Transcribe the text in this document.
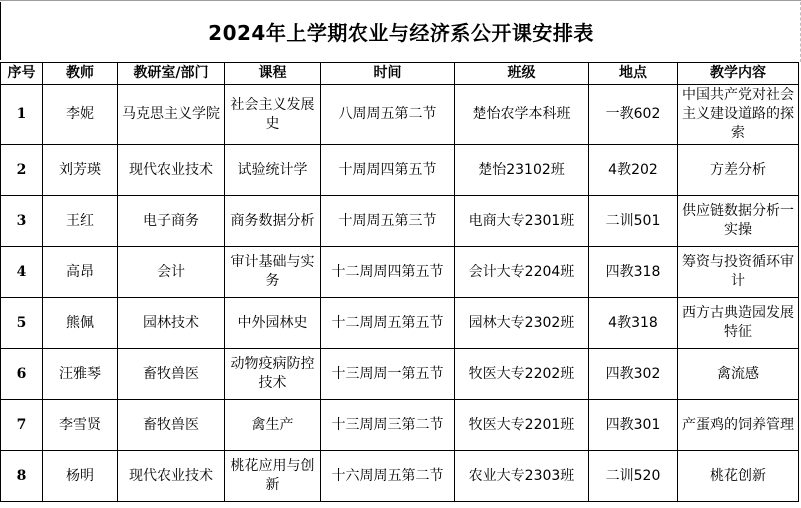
2024年上学期农业与经济系公开课安排表
序号	教师	教研室/部门	课程	时间	班级	地点	教学内容
1	李妮	马克思主义学院	社会主义发展史	八周周五第二节	楚怡农学本科班	一教602	中国共产党对社会主义建设道路的探索
2	刘芳瑛	现代农业技术	试验统计学	十周周四第五节	楚怡23102班	4教202	方差分析
3	王红	电子商务	商务数据分析	十周周五第三节	电商大专2301班	二训501	供应链数据分析一实操
4	高昂	会计	审计基础与实务	十二周周四第五节	会计大专2204班	四教318	筹资与投资循环审计
5	熊佩	园林技术	中外园林史	十二周周五第五节	园林大专2302班	4教318	西方古典造园发展特征
6	汪雅琴	畜牧兽医	动物疫病防控技术	十三周周一第五节	牧医大专2202班	四教302	禽流感
7	李雪贤	畜牧兽医	禽生产	十三周周三第二节	牧医大专2201班	四教301	产蛋鸡的饲养管理
8	杨明	现代农业技术	桃花应用与创新	十六周周五第二节	农业大专2303班	二训520	桃花创新
